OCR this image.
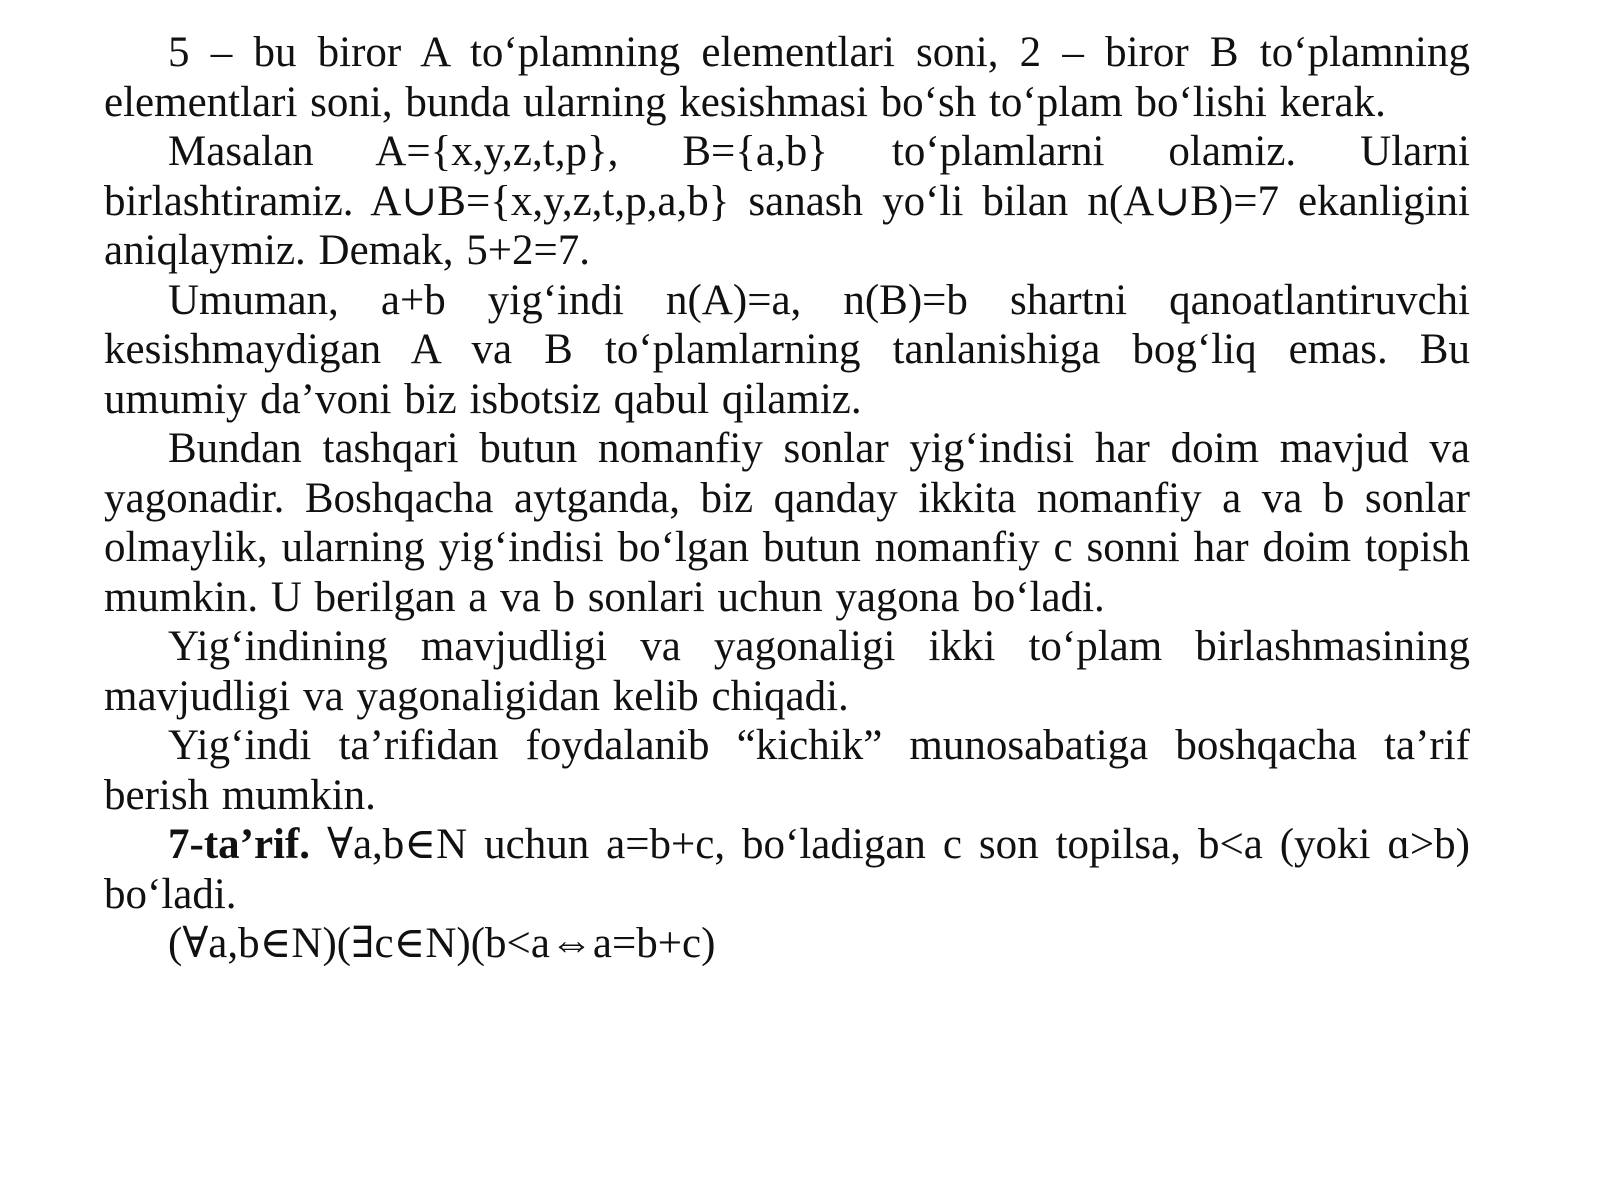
5 – bu biror A to‘plamning elementlari soni, 2 – biror B to‘plamning elementlari soni, bunda ularning kesishmasi bo‘sh to‘plam bo‘lishi kerak.

Masalan A={x,y,z,t,p}, B={a,b} to‘plamlarni olamiz. Ularni birlashtiramiz. A∪B={x,y,z,t,p,a,b} sanash yo‘li bilan n(A∪B)=7 ekanligini aniqlaymiz. Demak, 5+2=7.

Umuman, a+b yig‘indi n(A)=a, n(B)=b shartni qanoatlantiruvchi kesishmaydigan A va B to‘plamlarning tanlanishiga bog‘liq emas. Bu umumiy da’voni biz isbotsiz qabul qilamiz.

Bundan tashqari butun nomanfiy sonlar yig‘indisi har doim mavjud va yagonadir. Boshqacha aytganda, biz qanday ikkita nomanfiy a va b sonlar olmaylik, ularning yig‘indisi bo‘lgan butun nomanfiy c sonni har doim topish mumkin. U berilgan a va b sonlari uchun yagona bo‘ladi.

Yig‘indining mavjudligi va yagonaligi ikki to‘plam birlashmasining mavjudligi va yagonaligidan kelib chiqadi.

Yig‘indi ta’rifidan foydalanib “kichik” munosabatiga boshqacha ta’rif berish mumkin.

7-ta’rif. ∀a,b∈N uchun a=b+c, bo‘ladigan c son topilsa, b<a (yoki ɑ>b) bo‘ladi.

(∀a,b∈N)(∃c∈N)(b<a⇔a=b+c)
